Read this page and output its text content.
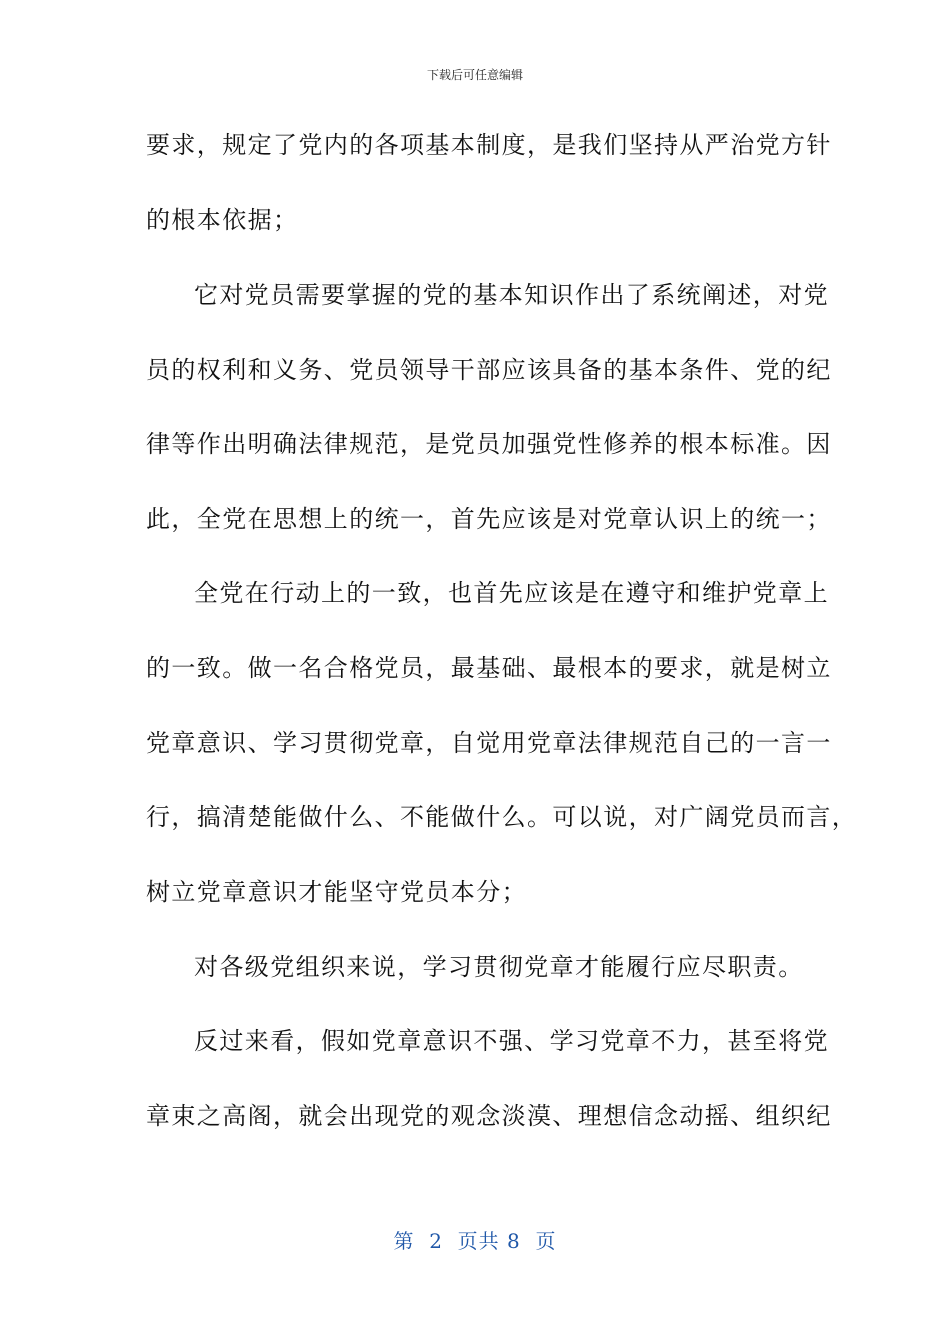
下载后可任意编辑
要求，规定了党内的各项基本制度，是我们坚持从严治党方针
的根本依据；
它对党员需要掌握的党的基本知识作出了系统阐述，对党
员的权利和义务、党员领导干部应该具备的基本条件、党的纪
律等作出明确法律规范，是党员加强党性修养的根本标准。因
此，全党在思想上的统一，首先应该是对党章认识上的统一；
全党在行动上的一致，也首先应该是在遵守和维护党章上
的一致。做一名合格党员，最基础、最根本的要求，就是树立
党章意识、学习贯彻党章，自觉用党章法律规范自己的一言一
行，搞清楚能做什么、不能做什么。可以说，对广阔党员而言，
树立党章意识才能坚守党员本分；
对各级党组织来说，学习贯彻党章才能履行应尽职责。
反过来看，假如党章意识不强、学习党章不力，甚至将党
章束之高阁，就会出现党的观念淡漠、理想信念动摇、组织纪
第  2  页共 8  页
